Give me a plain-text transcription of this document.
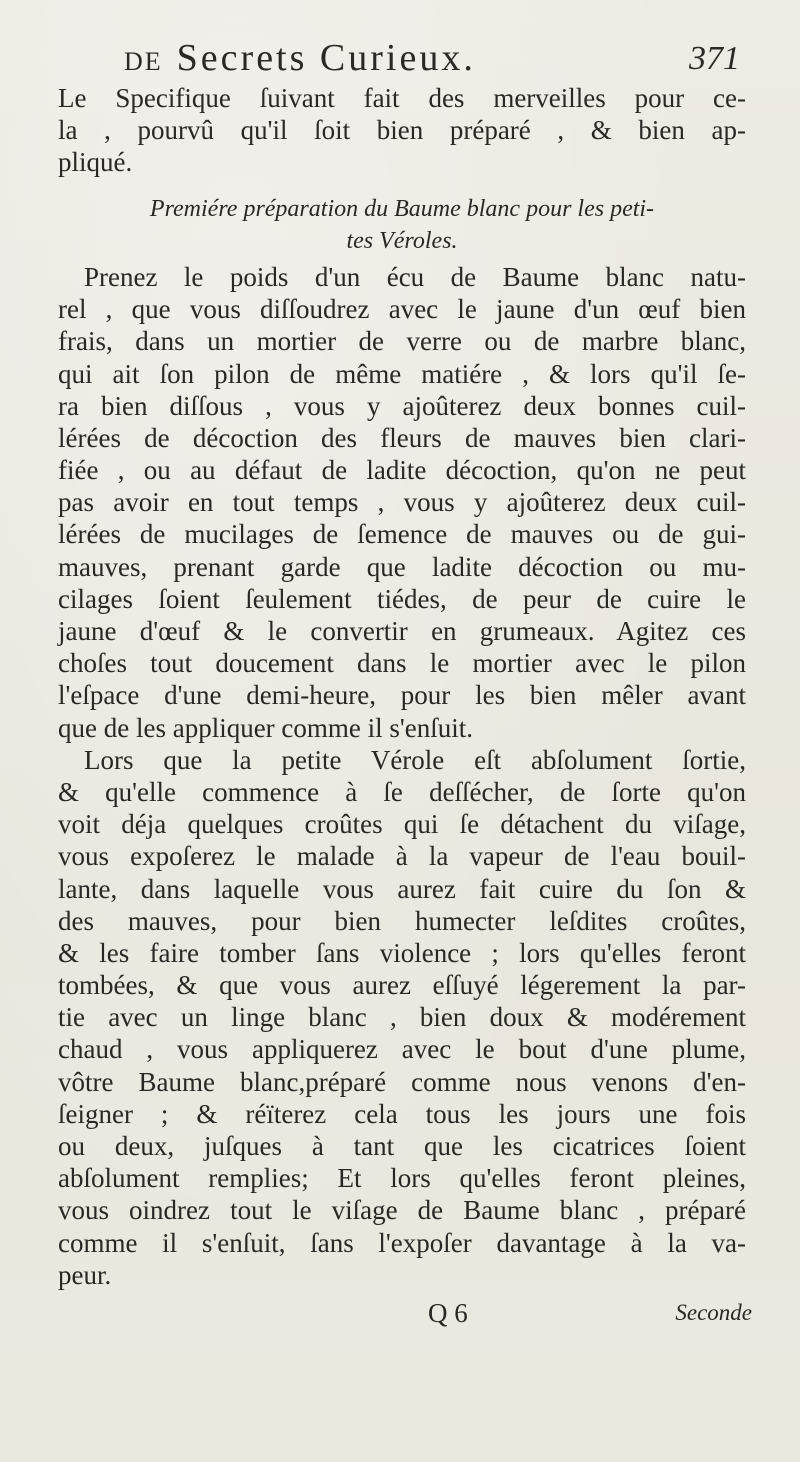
DE Secrets Curieux.	371
Le Specifique ſuivant fait des merveilles pour ce-
la , pourvû qu'il ſoit bien préparé , & bien ap-
pliqué.
Premiére préparation du Baume blanc pour les peti-
tes Véroles.
Prenez le poids d'un écu de Baume blanc natu-
rel , que vous diſſoudrez avec le jaune d'un œuf bien
frais, dans un mortier de verre ou de marbre blanc,
qui ait ſon pilon de même matiére , & lors qu'il ſe-
ra bien diſſous , vous y ajoûterez deux bonnes cuil-
lérées de décoction des fleurs de mauves bien clari-
fiée , ou au défaut de ladite décoction, qu'on ne peut
pas avoir en tout temps , vous y ajoûterez deux cuil-
lérées de mucilages de ſemence de mauves ou de gui-
mauves, prenant garde que ladite décoction ou mu-
cilages ſoient ſeulement tiédes, de peur de cuire le
jaune d'œuf & le convertir en grumeaux. Agitez ces
choſes tout doucement dans le mortier avec le pilon
l'eſpace d'une demi-heure, pour les bien mêler avant
que de les appliquer comme il s'enſuit.
Lors que la petite Vérole eſt abſolument ſortie,
& qu'elle commence à ſe deſſécher, de ſorte qu'on
voit déja quelques croûtes qui ſe détachent du viſage,
vous expoſerez le malade à la vapeur de l'eau bouil-
lante, dans laquelle vous aurez fait cuire du ſon &
des mauves, pour bien humecter leſdites croûtes,
& les faire tomber ſans violence ; lors qu'elles feront
tombées, & que vous aurez eſſuyé légerement la par-
tie avec un linge blanc , bien doux & modérement
chaud , vous appliquerez avec le bout d'une plume,
vôtre Baume blanc,préparé comme nous venons d'en-
ſeigner ; & réïterez cela tous les jours une fois
ou deux, juſques à tant que les cicatrices ſoient
abſolument remplies; Et lors qu'elles feront pleines,
vous oindrez tout le viſage de Baume blanc , préparé
comme il s'enſuit, ſans l'expoſer davantage à la va-
peur.
Q 6	Seconde
